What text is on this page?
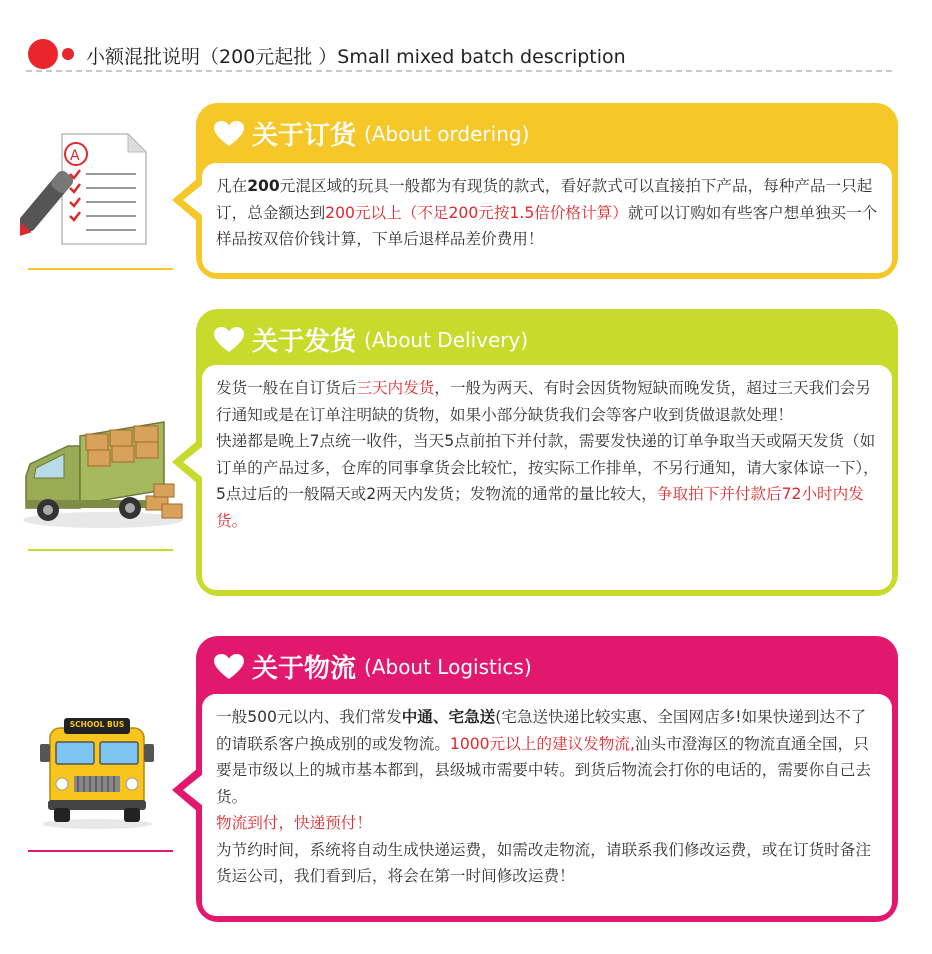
小额混批说明（200元起批 ）Small mixed batch description
A
关于订货 (About ordering)
凡在200元混区域的玩具一般都为有现货的款式，看好款式可以直接拍下产品，每种产品一只起订，总金额达到200元以上（不足200元按1.5倍价格计算）就可以订购如有些客户想单独买一个样品按双倍价钱计算，下单后退样品差价费用！
关于发货 (About Delivery)
发货一般在自订货后三天内发货，一般为两天、有时会因货物短缺而晚发货，超过三天我们会另行通知或是在订单注明缺的货物，如果小部分缺货我们会等客户收到货做退款处理！
快递都是晚上7点统一收件，当天5点前拍下并付款，需要发快递的订单争取当天或隔天发货（如订单的产品过多，仓库的同事拿货会比较忙，按实际工作排单，不另行通知，请大家体谅一下），5点过后的一般隔天或2两天内发货；发物流的通常的量比较大，争取拍下并付款后72小时内发货。
SCHOOL BUS
关于物流 (About Logistics)
一般500元以内、我们常发中通、宅急送(宅急送快递比较实惠、全国网店多!如果快递到达不了的请联系客户换成别的或发物流。1000元以上的建议发物流,汕头市澄海区的物流直通全国，只要是市级以上的城市基本都到，县级城市需要中转。到货后物流会打你的电话的，需要你自己去货。
物流到付，快递预付！
为节约时间，系统将自动生成快递运费，如需改走物流，请联系我们修改运费，或在订货时备注货运公司，我们看到后，将会在第一时间修改运费！
